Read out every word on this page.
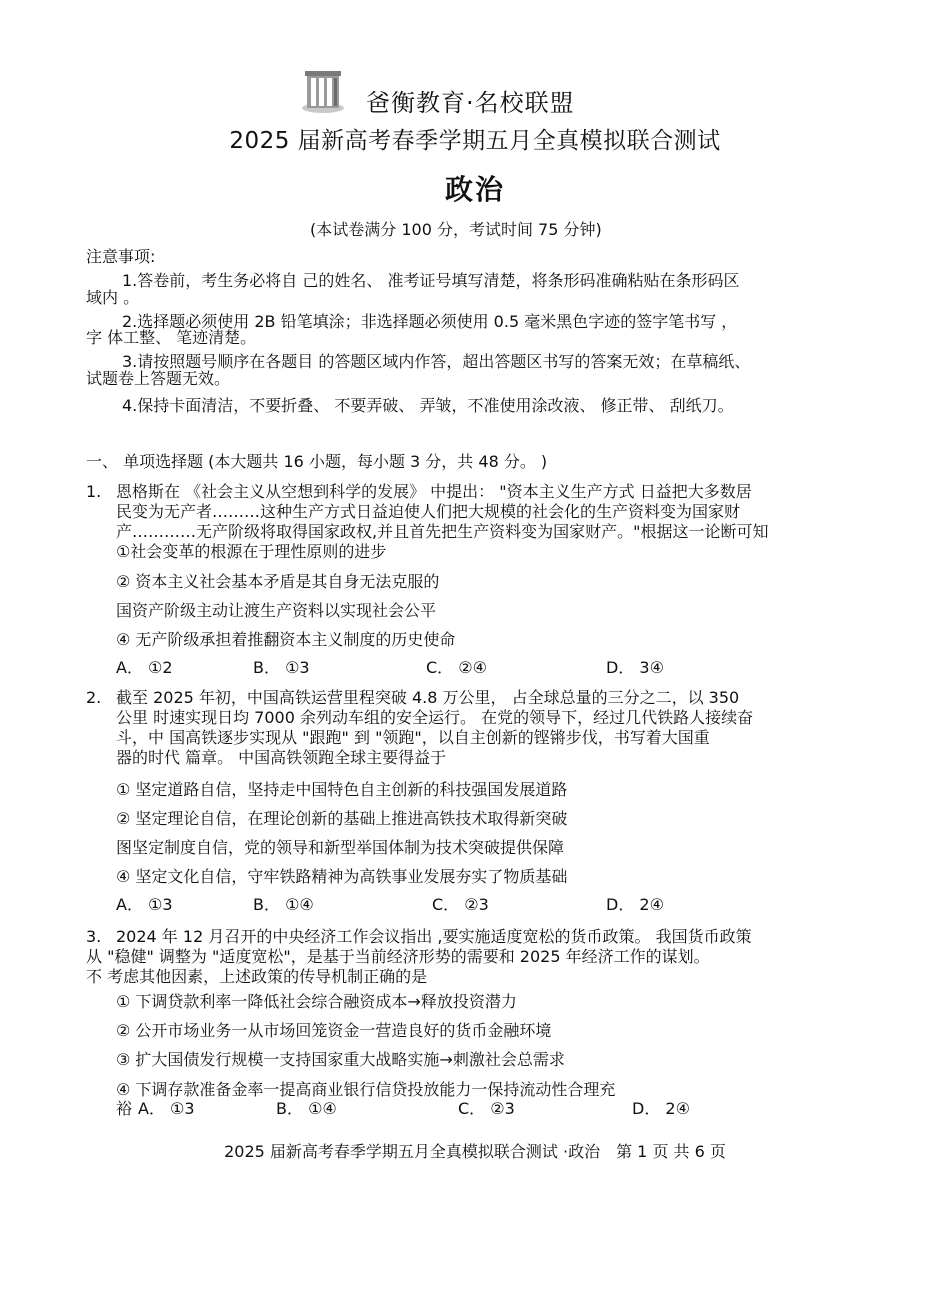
爸衡教育·名校联盟
2025 届新高考春季学期五月全真模拟联合测试
政治
(本试卷满分 100 分，考试时间 75 分钟)
注意事项:
1.答卷前，考生务必将自 己的姓名、 准考证号填写清楚，将条形码准确粘贴在条形码区
域内 。
2.选择题必须使用 2B 铅笔填涂；非选择题必须使用 0.5 毫米黑色字迹的签字笔书写 ，
字 体工整、 笔迹清楚。
3.请按照题号顺序在各题目 的答题区域内作答，超出答题区书写的答案无效；在草稿纸、
试题卷上答题无效。
4.保持卡面清洁，不要折叠、 不要弄破、 弄皱，不准使用涂改液、 修正带、 刮纸刀。
一、 单项选择题 (本大题共 16 小题，每小题 3 分，共 48 分。 )
1. 恩格斯在 《社会主义从空想到科学的发展》 中提出： "资本主义生产方式 日益把大多数居
民变为无产者………这种生产方式日益迫使人们把大规模的社会化的生产资料变为国家财
产…………无产阶级将取得国家政权,并且首先把生产资料变为国家财产。"根据这一论断可知
①社会变革的根源在于理性原则的进步
② 资本主义社会基本矛盾是其自身无法克服的
国资产阶级主动让渡生产资料以实现社会公平
④ 无产阶级承担着推翻资本主义制度的历史使命
A． ①2	B． ①3	C． ②④	D． 3④
2. 截至 2025 年初，中国高铁运营里程突破 4.8 万公里， 占全球总量的三分之二，以 350
公里 时速实现日均 7000 余列动车组的安全运行。 在党的领导下，经过几代铁路人接续奋
斗，中 国高铁逐步实现从 "跟跑" 到 "领跑"，以自主创新的铿锵步伐，书写着大国重
器的时代 篇章。 中国高铁领跑全球主要得益于
① 坚定道路自信，坚持走中国特色自主创新的科技强国发展道路
② 坚定理论自信，在理论创新的基础上推进高铁技术取得新突破
图坚定制度自信，党的领导和新型举国体制为技术突破提供保障
④ 坚定文化自信，守牢铁路精神为高铁事业发展夯实了物质基础
A． ①3	B． ①④	C． ②3	D． 2④
3. 2024 年 12 月召开的中央经济工作会议指出 ,要实施适度宽松的货币政策。 我国货币政策
从 "稳健" 调整为 "适度宽松"，是基于当前经济形势的需要和 2025 年经济工作的谋划。
不 考虑其他因素，上述政策的传导机制正确的是
① 下调贷款利率一降低社会综合融资成本→释放投资潜力
② 公开市场业务一从市场回笼资金一营造良好的货币金融环境
③ 扩大国债发行规模一支持国家重大战略实施→刺激社会总需求
④ 下调存款准备金率一提高商业银行信贷投放能力一保持流动性合理充
裕 A． ①3	B． ①④	C． ②3	D． 2④
2025 届新高考春季学期五月全真模拟联合测试 ·政治　第 1 页 共 6 页
